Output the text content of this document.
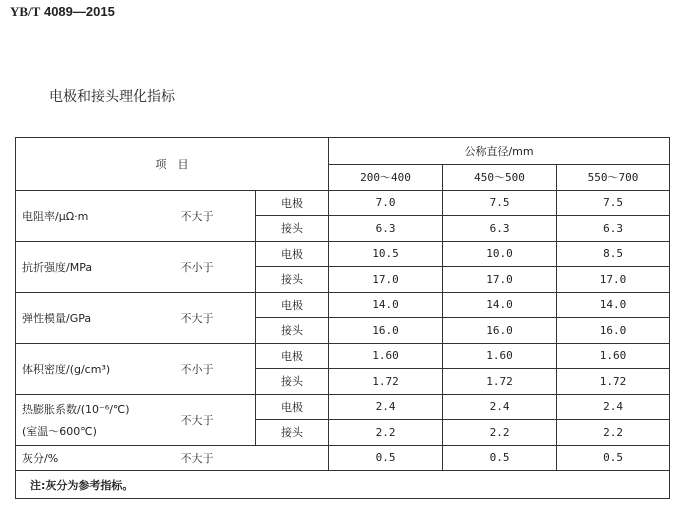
YB/T 4089—2015
电极和接头理化指标
项　目			公称直径/mm		
			200～400	450～500	550～700

电阻率/μΩ·m	不大于	电极	7.0	7.5	7.5
		接头	6.3	6.3	6.3

抗折强度/MPa	不小于	电极	10.5	10.0	8.5
		接头	17.0	17.0	17.0

弹性模量/GPa	不大于	电极	14.0	14.0	14.0
		接头	16.0	16.0	16.0

体积密度/(g/cm³)	不小于	电极	1.60	1.60	1.60
		接头	1.72	1.72	1.72

热膨胀系数/(10⁻⁶/℃)
(室温～600℃)	不大于	电极	2.4	2.4	2.4
		接头	2.2	2.2	2.2
灰分/%	不大于		0.5	0.5	0.5
注:灰分为参考指标。					
